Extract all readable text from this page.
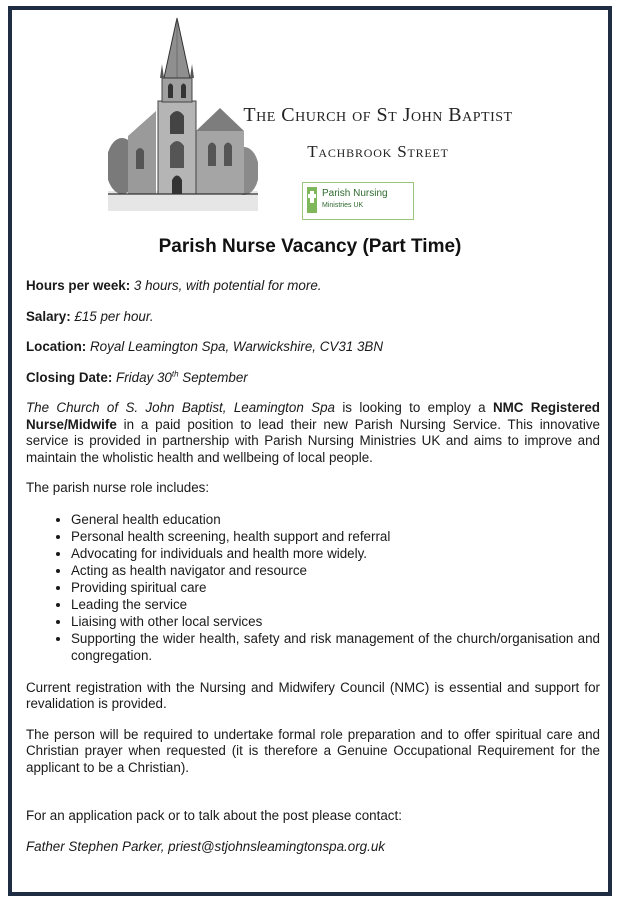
The Church of St John Baptist
Tachbrook Street
Parish Nursing
Ministries UK
Parish Nurse Vacancy (Part Time)
Hours per week: 3 hours, with potential for more.
Salary: £15 per hour.
Location: Royal Leamington Spa, Warwickshire, CV31 3BN
Closing Date: Friday 30th September
The Church of S. John Baptist, Leamington Spa is looking to employ a NMC Registered Nurse/Midwife in a paid position to lead their new Parish Nursing Service. This innovative service is provided in partnership with Parish Nursing Ministries UK and aims to improve and maintain the wholistic health and wellbeing of local people.
The parish nurse role includes:
• General health education
• Personal health screening, health support and referral
• Advocating for individuals and health more widely.
• Acting as health navigator and resource
• Providing spiritual care
• Leading the service
• Liaising with other local services
• Supporting the wider health, safety and risk management of the church/organisation and congregation.
Current registration with the Nursing and Midwifery Council (NMC) is essential and support for revalidation is provided.
The person will be required to undertake formal role preparation and to offer spiritual care and Christian prayer when requested (it is therefore a Genuine Occupational Requirement for the applicant to be a Christian).
For an application pack or to talk about the post please contact:
Father Stephen Parker, priest@stjohnsleamingtonspa.org.uk
